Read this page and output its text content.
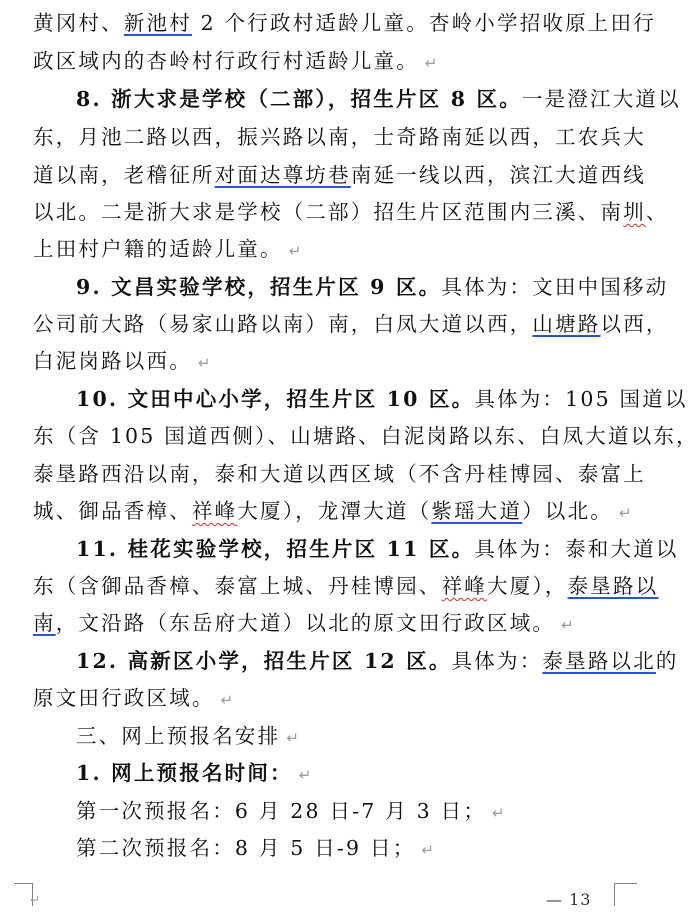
黄冈村、新池村 2 个行政村适龄儿童。杏岭小学招收原上田行
政区域内的杏岭村行政行村适龄儿童。 ↵
8. 浙大求是学校（二部），招生片区 8 区。一是澄江大道以
东，月池二路以西，振兴路以南，士奇路南延以西，工农兵大
道以南，老稽征所对面达尊坊巷南延一线以西，滨江大道西线
以北。二是浙大求是学校（二部）招生片区范围内三溪、南圳、
上田村户籍的适龄儿童。 ↵
9. 文昌实验学校，招生片区 9 区。具体为：文田中国移动
公司前大路（易家山路以南）南，白凤大道以西，山塘路以西，
白泥岗路以西。 ↵
10. 文田中心小学，招生片区 10 区。具体为：105 国道以
东（含 105 国道西侧）、山塘路、白泥岗路以东、白凤大道以东，
泰垦路西沿以南，泰和大道以西区域（不含丹桂博园、泰富上
城、御品香樟、祥峰大厦），龙潭大道（紫瑶大道）以北。 ↵
11. 桂花实验学校，招生片区 11 区。具体为：泰和大道以
东（含御品香樟、泰富上城、丹桂博园、祥峰大厦），泰垦路以
南，文沿路（东岳府大道）以北的原文田行政区域。 ↵
12. 高新区小学，招生片区 12 区。具体为：泰垦路以北的
原文田行政区域。 ↵
三、网上预报名安排 ↵
1. 网上预报名时间： ↵
第一次预报名：6 月 28 日-7 月 3 日； ↵
第二次预报名：8 月 5 日-9 日； ↵
↵	— 13
